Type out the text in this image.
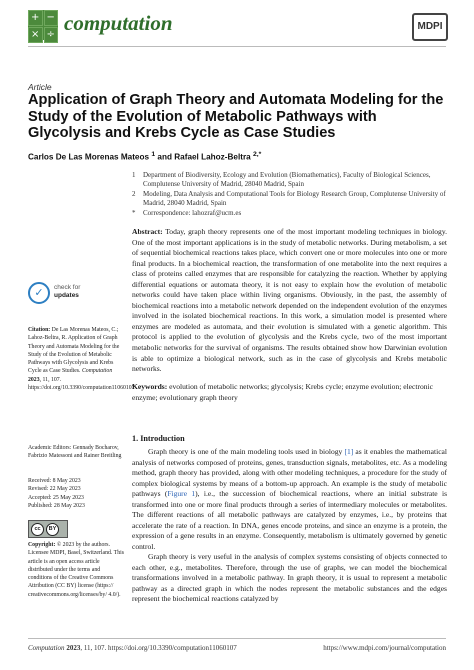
+ −
× ÷ computation	MDPI
Article
Application of Graph Theory and Automata Modeling for the Study of the Evolution of Metabolic Pathways with Glycolysis and Krebs Cycle as Case Studies
Carlos De Las Morenas Mateos $^1$ and Rafael Lahoz-Beltra $^{2,*}$
1 Department of Biodiversity, Ecology and Evolution (Biomathematics), Faculty of Biological Sciences, Complutense University of Madrid, 28040 Madrid, Spain
2 Modeling, Data Analysis and Computational Tools for Biology Research Group, Complutense University of Madrid, 28040 Madrid, Spain
* Correspondence: lahozraf@ucm.es

Abstract: Today, graph theory represents one of the most important modeling techniques in biology. One of the most important applications is in the study of metabolic networks. During metabolism, a set of sequential biochemical reactions takes place, which convert one or more molecules into one or more final products. In a biochemical reaction, the transformation of one metabolite into the next requires a class of proteins called enzymes that are responsible for catalyzing the reaction. Whether by applying differential equations or automata theory, it is not easy to explain how the evolution of metabolic networks could have taken place within living organisms. Obviously, in the past, the assembly of biochemical reactions into a metabolic network depended on the independent evolution of the enzymes involved in the isolated biochemical reactions. In this work, a simulation model is presented where enzymes are modeled as automata, and their evolution is simulated with a genetic algorithm. This protocol is applied to the evolution of glycolysis and the Krebs cycle, two of the most important metabolic networks for the survival of organisms. The results obtained show how Darwinian evolution is able to optimize a biological network, such as in the case of glycolysis and Krebs metabolic networks.

Keywords: evolution of metabolic networks; glycolysis; Krebs cycle; enzyme evolution; electronic enzyme; evolutionary graph theory

1. Introduction

Graph theory is one of the main modeling tools used in biology [1] as it enables the mathematical analysis of networks composed of proteins, genes, transduction signals, metabolites, etc. As a modeling method, graph theory has provided, along with other modeling techniques, a procedure for the study of complex biological systems by means of a bottom-up approach. An example is the study of metabolic pathways (Figure 1), i.e., the succession of biochemical reactions, where an initial substrate is transformed into one or more final products through a series of intermediary molecules or metabolites. The different reactions of all metabolic pathways are catalyzed by enzymes, i.e., by proteins that accelerate the rate of a reaction. In DNA, genes encode proteins, and since an enzyme is a protein, the expression of a gene results in an enzyme. Consequently, metabolism is ultimately governed by genetic control.

Graph theory is very useful in the analysis of complex systems consisting of objects connected to each other, e.g., metabolites. Therefore, through the use of graphs, we can model the biochemical transformations involved in a metabolic pathway. In graph theory, it is usual to represent a metabolic pathway as a directed graph in which the nodes represent the metabolic substances and the edges represent the biochemical reactions catalyzed by

✓	check for
updates

Citation: De Las Morenas Mateos, C.; Lahoz-Beltra, R. Application of Graph Theory and Automata Modeling for the Study of the Evolution of Metabolic Pathways with Glycolysis and Krebs Cycle as Case Studies. Computation 2023, 11, 107. https://doi.org/10.3390/computation11060107

Academic Editors: Gennady Bocharov, Fabrizio Matessoni and Rainer Breitling

Received: 8 May 2023
Revised: 22 May 2023
Accepted: 25 May 2023
Published: 28 May 2023
cc	BY

Copyright: © 2023 by the authors. Licensee MDPI, Basel, Switzerland. This article is an open access article distributed under the terms and conditions of the Creative Commons Attribution (CC BY) license (https:// creativecommons.org/licenses/by/ 4.0/).

Computation 2023, 11, 107. https://doi.org/10.3390/computation11060107	https://www.mdpi.com/journal/computation
